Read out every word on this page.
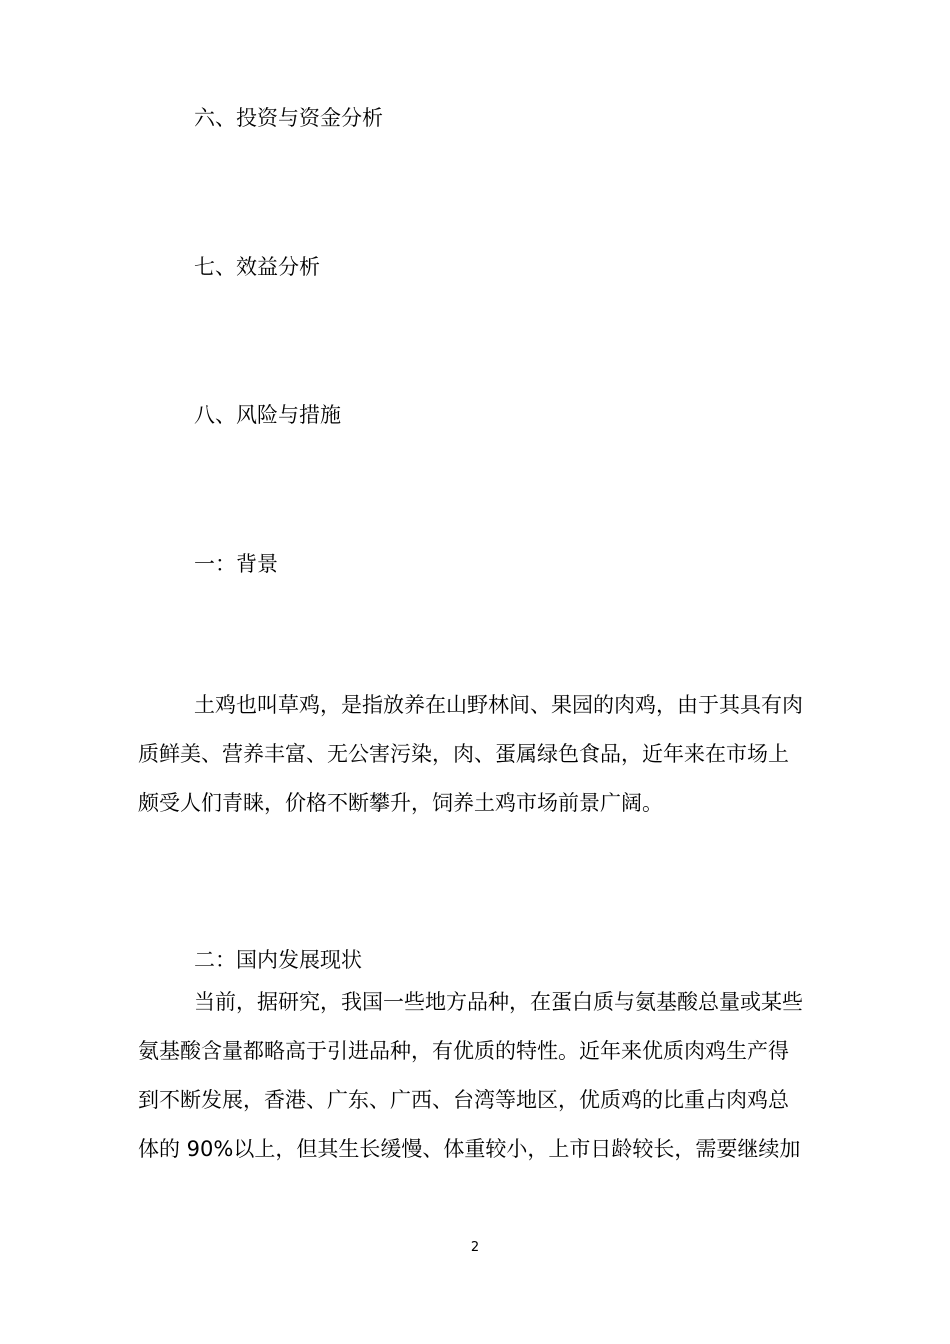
六、投资与资金分析
七、效益分析
八、风险与措施
一：背景
土鸡也叫草鸡，是指放养在山野林间、果园的肉鸡，由于其具有肉
质鲜美、营养丰富、无公害污染，肉、蛋属绿色食品，近年来在市场上
颇受人们青睐，价格不断攀升，饲养土鸡市场前景广阔。
二：国内发展现状
当前，据研究，我国一些地方品种，在蛋白质与氨基酸总量或某些
氨基酸含量都略高于引进品种，有优质的特性。近年来优质肉鸡生产得
到不断发展，香港、广东、广西、台湾等地区，优质鸡的比重占肉鸡总
体的 90%以上，但其生长缓慢、体重较小，上市日龄较长，需要继续加
2
